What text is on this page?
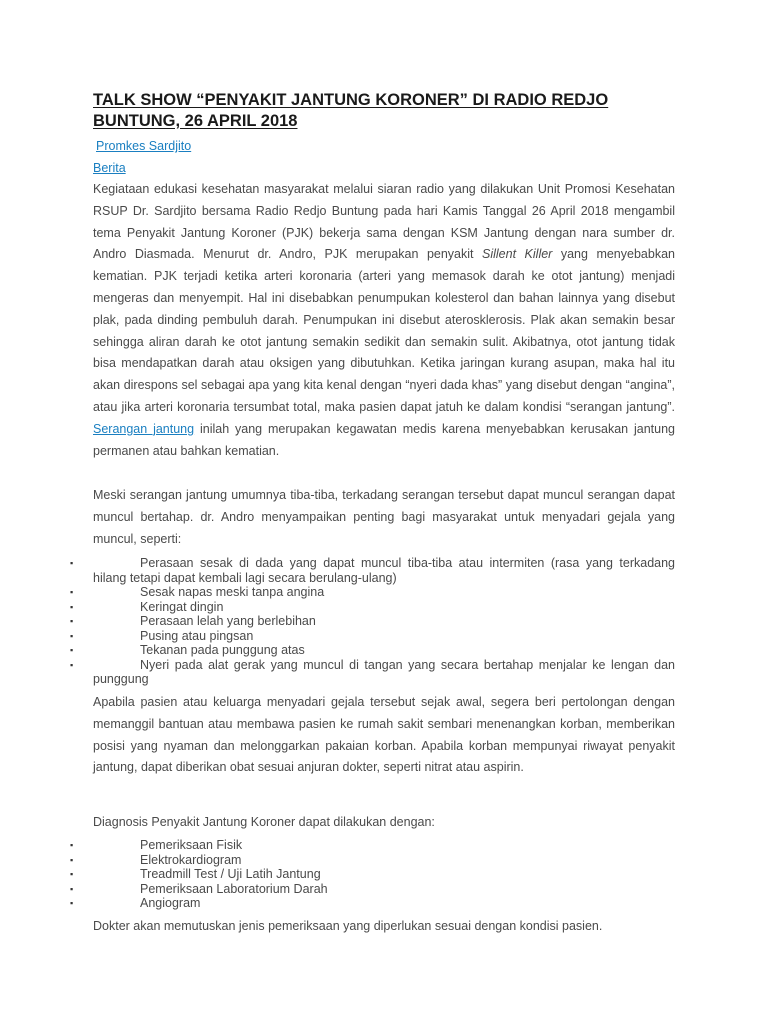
TALK SHOW “PENYAKIT JANTUNG KORONER” DI RADIO REDJO BUNTUNG, 26 APRIL 2018
Promkes Sardjito
Berita

Kegiataan edukasi kesehatan masyarakat melalui siaran radio yang dilakukan Unit Promosi Kesehatan RSUP Dr. Sardjito bersama Radio Redjo Buntung pada hari Kamis Tanggal 26 April 2018 mengambil tema Penyakit Jantung Koroner (PJK) bekerja sama dengan KSM Jantung dengan nara sumber dr. Andro Diasmada. Menurut dr. Andro, PJK merupakan penyakit Sillent Killer yang menyebabkan kematian. PJK terjadi ketika arteri koronaria (arteri yang memasok darah ke otot jantung) menjadi mengeras dan menyempit. Hal ini disebabkan penumpukan kolesterol dan bahan lainnya yang disebut plak, pada dinding pembuluh darah. Penumpukan ini disebut aterosklerosis. Plak akan semakin besar sehingga aliran darah ke otot jantung semakin sedikit dan semakin sulit. Akibatnya, otot jantung tidak bisa mendapatkan darah atau oksigen yang dibutuhkan. Ketika jaringan kurang asupan, maka hal itu akan direspons sel sebagai apa yang kita kenal dengan “nyeri dada khas” yang disebut dengan “angina”, atau jika arteri koronaria tersumbat total, maka pasien dapat jatuh ke dalam kondisi “serangan jantung”. Serangan jantung inilah yang merupakan kegawatan medis karena menyebabkan kerusakan jantung permanen atau bahkan kematian.

Meski serangan jantung umumnya tiba-tiba, terkadang serangan tersebut dapat muncul serangan dapat muncul bertahap. dr. Andro menyampaikan penting bagi masyarakat untuk menyadari gejala yang muncul, seperti:

▪	Perasaan sesak di dada yang dapat muncul tiba-tiba atau intermiten (rasa yang terkadang hilang tetapi dapat kembali lagi secara berulang-ulang)
▪	Sesak napas meski tanpa angina
▪	Keringat dingin
▪	Perasaan lelah yang berlebihan
▪	Pusing atau pingsan
▪	Tekanan pada punggung atas
▪	Nyeri pada alat gerak yang muncul di tangan yang secara bertahap menjalar ke lengan dan punggung

Apabila pasien atau keluarga menyadari gejala tersebut sejak awal, segera beri pertolongan dengan memanggil bantuan atau membawa pasien ke rumah sakit sembari menenangkan korban, memberikan posisi yang nyaman dan melonggarkan pakaian korban. Apabila korban mempunyai riwayat penyakit jantung, dapat diberikan obat sesuai anjuran dokter, seperti nitrat atau aspirin.

Diagnosis Penyakit Jantung Koroner dapat dilakukan dengan:

▪	Pemeriksaan Fisik
▪	Elektrokardiogram
▪	Treadmill Test / Uji Latih Jantung
▪	Pemeriksaan Laboratorium Darah
▪	Angiogram

Dokter akan memutuskan jenis pemeriksaan yang diperlukan sesuai dengan kondisi pasien.
